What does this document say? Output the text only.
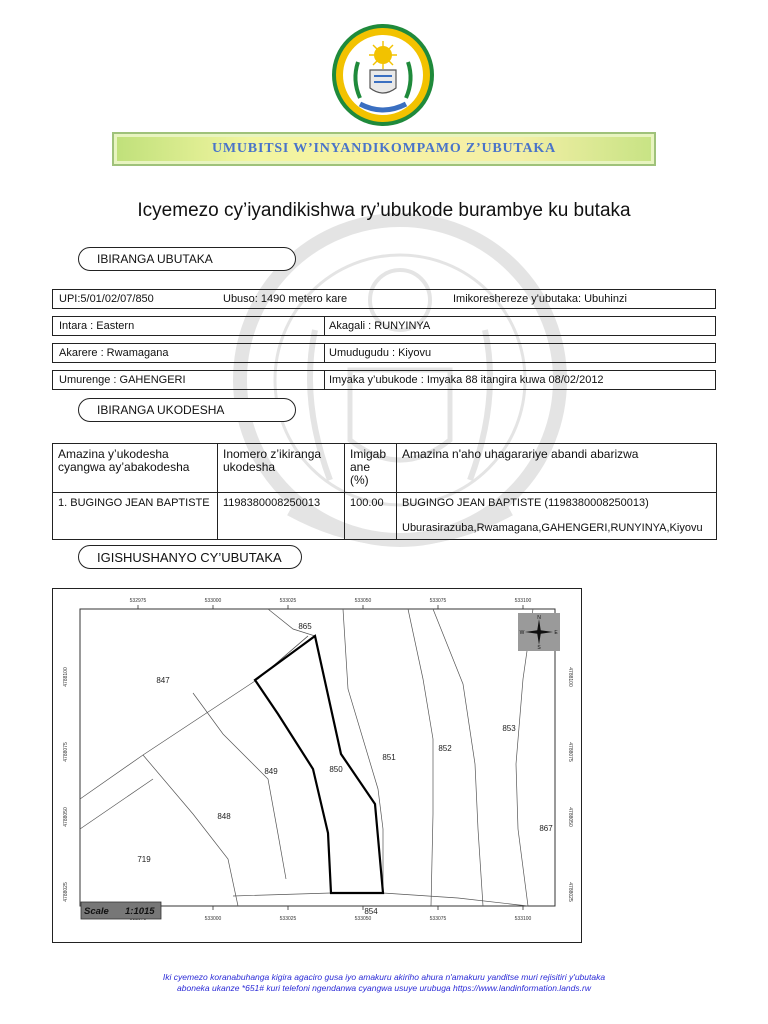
UMUBITSI W’INYANDIKOMPAMO Z’UBUTAKA
Icyemezo cy’iyandikishwa ry’ubukode burambye ku butaka
IBIRANGA UBUTAKA
UPI:5/01/02/07/850	Ubuso: 1490 metero kare	Imikoreshereze y'ubutaka: Ubuhinzi
Intara : Eastern	Akagali : RUNYINYA
Akarere : Rwamagana	Umudugudu : Kiyovu
Umurenge : GAHENGERI	Imyaka y’ubukode : Imyaka 88 itangira kuwa 08/02/2012
IBIRANGA UKODESHA
Amazina y’ukodesha cyangwa ay’abakodesha	Inomero z’ikiranga ukodesha	Imigab ane (%)	Amazina n'aho uhagarariye abandi abarizwa
1. BUGINGO JEAN BAPTISTE	1198380008250013	100.00	BUGINGO JEAN BAPTISTE (1198380008250013)
Uburasirazuba,Rwamagana,GAHENGERI,RUNYINYA,Kiyovu
IGISHUSHANYO CY’UBUTAKA
532975	533000	533025	533050	533075	533100
533000	533025	533050	533075	533100
4788100
4788075
4788050
4788025
4788100
4788075
4788050
4788025
865
847
853
852
851
850
849
848
867
719
854
N
S
E
W
Scale 1:1015
Iki cyemezo koranabuhanga kigira agaciro gusa iyo amakuru akiriho ahura n'amakuru yanditse muri rejisitiri y'ubutaka
aboneka ukanze *651# kuri telefoni ngendanwa cyangwa usuye urubuga https://www.landinformation.lands.rw
